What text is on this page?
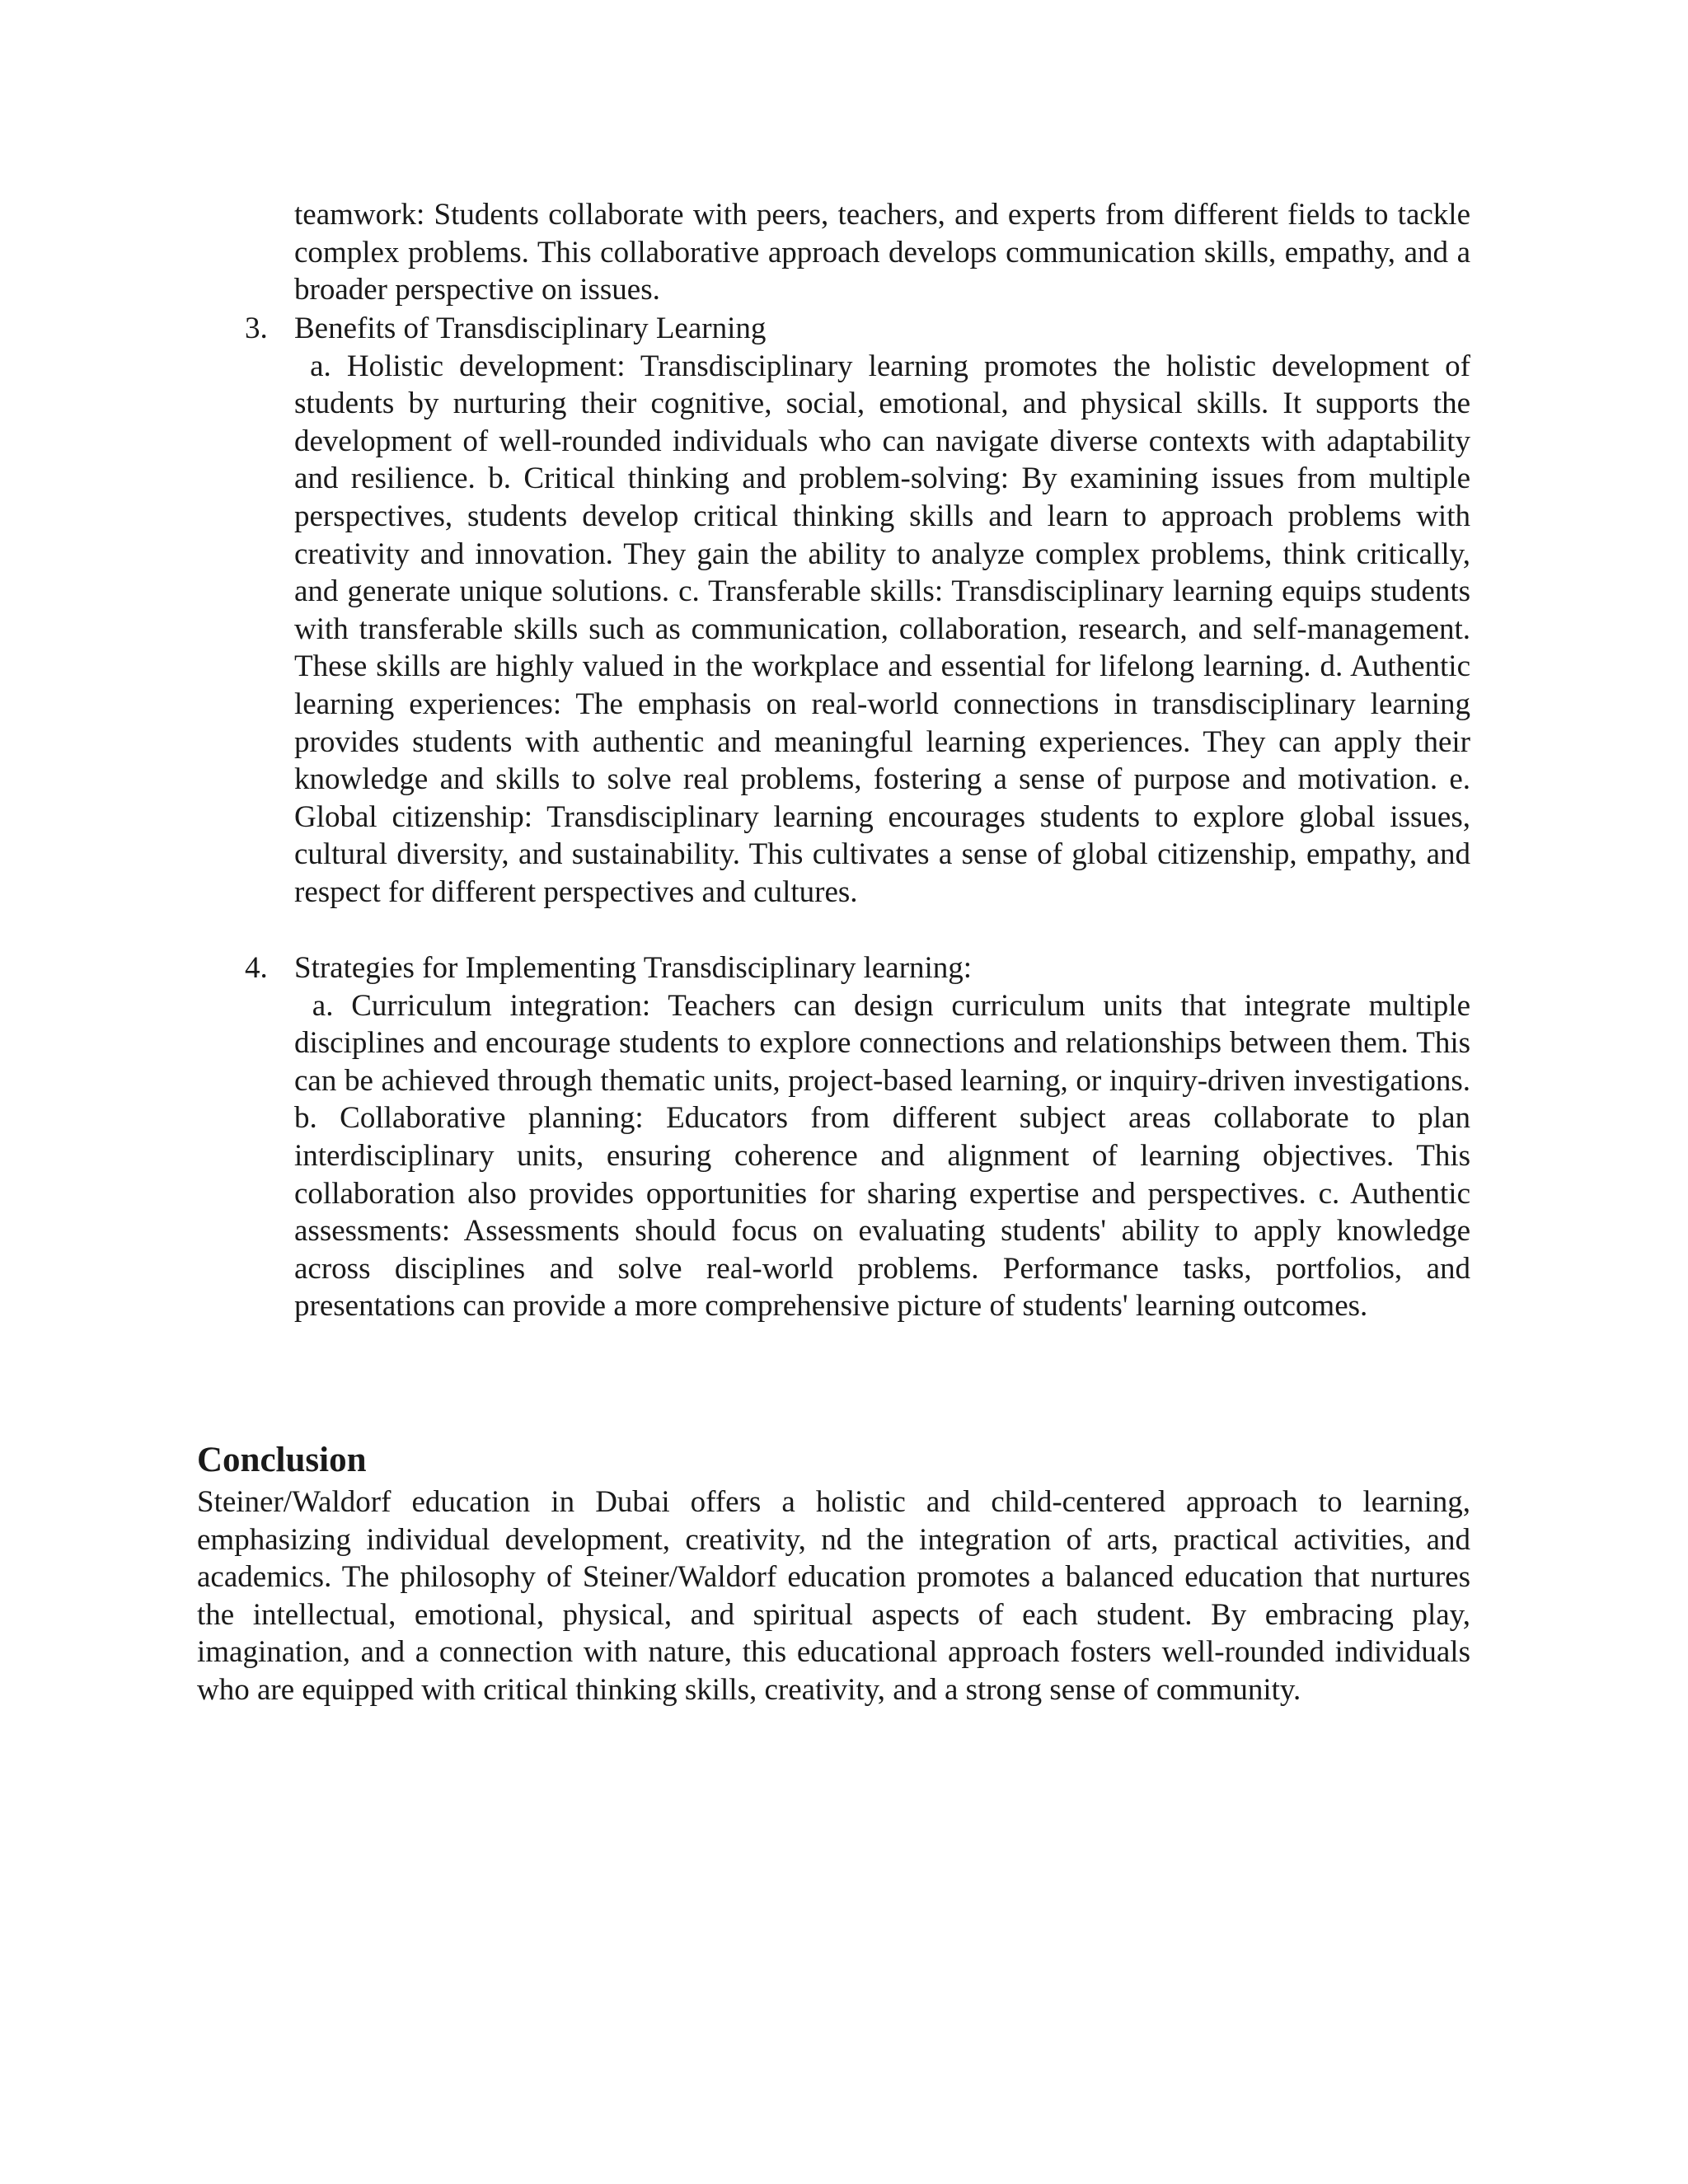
teamwork: Students collaborate with peers, teachers, and experts from different fields to tackle complex problems. This collaborative approach develops communication skills, empathy, and a broader perspective on issues.

3. Benefits of Transdisciplinary Learning

a. Holistic development: Transdisciplinary learning promotes the holistic development of students by nurturing their cognitive, social, emotional, and physical skills. It supports the development of well-rounded individuals who can navigate diverse contexts with adaptability and resilience. b. Critical thinking and problem-solving: By examining issues from multiple perspectives, students develop critical thinking skills and learn to approach problems with creativity and innovation. They gain the ability to analyze complex problems, think critically, and generate unique solutions. c. Transferable skills: Transdisciplinary learning equips students with transferable skills such as communication, collaboration, research, and self-management. These skills are highly valued in the workplace and essential for lifelong learning. d. Authentic learning experiences: The emphasis on real-world connections in transdisciplinary learning provides students with authentic and meaningful learning experiences. They can apply their knowledge and skills to solve real problems, fostering a sense of purpose and motivation. e. Global citizenship: Transdisciplinary learning encourages students to explore global issues, cultural diversity, and sustainability. This cultivates a sense of global citizenship, empathy, and respect for different perspectives and cultures.

4. Strategies for Implementing Transdisciplinary learning:

a. Curriculum integration: Teachers can design curriculum units that integrate multiple disciplines and encourage students to explore connections and relationships between them. This can be achieved through thematic units, project-based learning, or inquiry-driven investigations. b. Collaborative planning: Educators from different subject areas collaborate to plan interdisciplinary units, ensuring coherence and alignment of learning objectives. This collaboration also provides opportunities for sharing expertise and perspectives. c. Authentic assessments: Assessments should focus on evaluating students' ability to apply knowledge across disciplines and solve real-world problems. Performance tasks, portfolios, and presentations can provide a more comprehensive picture of students' learning outcomes.

Conclusion

Steiner/Waldorf education in Dubai offers a holistic and child-centered approach to learning, emphasizing individual development, creativity, nd the integration of arts, practical activities, and academics. The philosophy of Steiner/Waldorf education promotes a balanced education that nurtures the intellectual, emotional, physical, and spiritual aspects of each student. By embracing play, imagination, and a connection with nature, this educational approach fosters well-rounded individuals who are equipped with critical thinking skills, creativity, and a strong sense of community.
